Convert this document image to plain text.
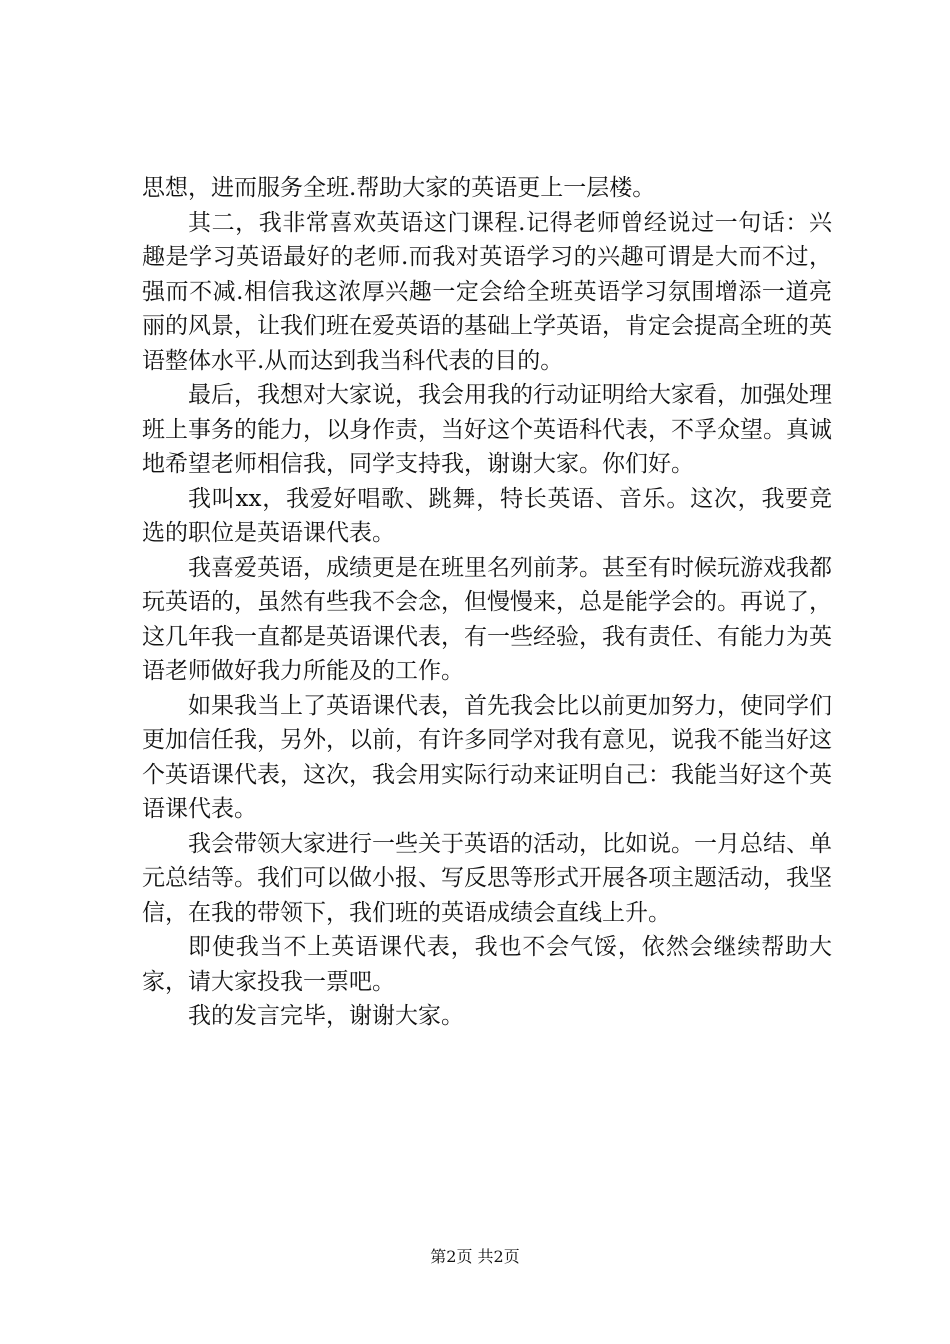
思想，进而服务全班.帮助大家的英语更上一层楼。

其二，我非常喜欢英语这门课程.记得老师曾经说过一句话：兴趣是学习英语最好的老师.而我对英语学习的兴趣可谓是大而不过，强而不减.相信我这浓厚兴趣一定会给全班英语学习氛围增添一道亮丽的风景，让我们班在爱英语的基础上学英语，肯定会提高全班的英语整体水平.从而达到我当科代表的目的。

最后，我想对大家说，我会用我的行动证明给大家看，加强处理班上事务的能力，以身作责，当好这个英语科代表，不孚众望。真诚地希望老师相信我，同学支持我，谢谢大家。你们好。

我叫xx，我爱好唱歌、跳舞，特长英语、音乐。这次，我要竞选的职位是英语课代表。

我喜爱英语，成绩更是在班里名列前茅。甚至有时候玩游戏我都玩英语的，虽然有些我不会念，但慢慢来，总是能学会的。再说了，这几年我一直都是英语课代表，有一些经验，我有责任、有能力为英语老师做好我力所能及的工作。

如果我当上了英语课代表，首先我会比以前更加努力，使同学们更加信任我，另外，以前，有许多同学对我有意见，说我不能当好这个英语课代表，这次，我会用实际行动来证明自己：我能当好这个英语课代表。

我会带领大家进行一些关于英语的活动，比如说。一月总结、单元总结等。我们可以做小报、写反思等形式开展各项主题活动，我坚信，在我的带领下，我们班的英语成绩会直线上升。

即使我当不上英语课代表，我也不会气馁，依然会继续帮助大家，请大家投我一票吧。

我的发言完毕，谢谢大家。

第2页 共2页
